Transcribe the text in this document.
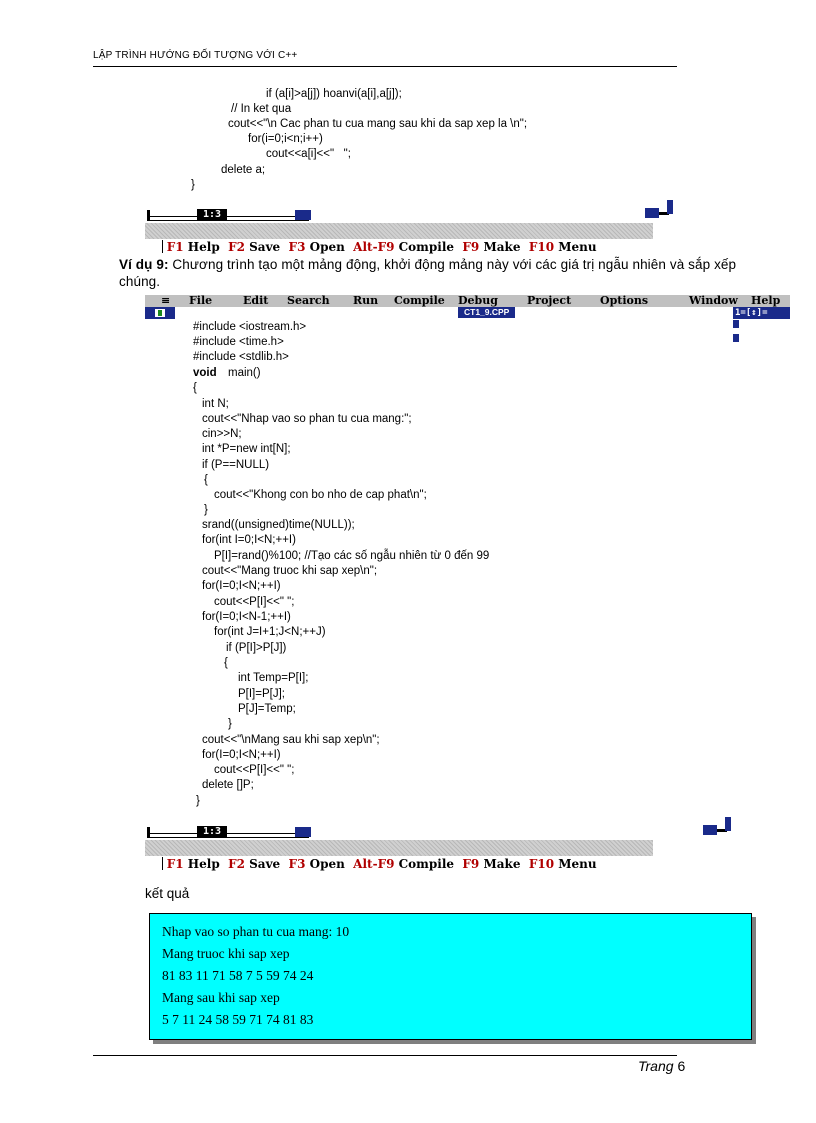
LẬP TRÌNH HƯỚNG ĐỐI TƯỢNG VỚI C++

if (a[i]>a[j]) hoanvi(a[i],a[j]);

// In ket qua

cout<<"\n Cac phan tu cua mang sau khi da sap xep la \n";

for(i=0;i<n;i++)

cout<<a[i]<<"   ";

delete a;

}

1:3

F1 Help F2 Save F3 Open Alt-F9 Compile F9 Make F10 Menu

Ví dụ 9: Chương trình tạo một mảng động, khởi động mảng này với các giá trị ngẫu nhiên và sắp xếp chúng.

≡

File

	Edit

Search

Run

Compile

Debug

	Project

	Options

	Window

Help

CT1_9.CPP	1=[↕]=

#include <iostream.h>

#include <time.h>

#include <stdlib.h>

void

main()

{

int N;

cout<<"Nhap vao so phan tu cua mang:";

cin>>N;

int *P=new int[N];

if (P==NULL)

{

cout<<"Khong con bo nho de cap phat\n";

}

srand((unsigned)time(NULL));

for(int I=0;I<N;++I)

P[I]=rand()%100; //Tạo các số ngẫu nhiên từ 0 đến 99

cout<<"Mang truoc khi sap xep\n";

for(I=0;I<N;++I)

cout<<P[I]<<" ";

for(I=0;I<N-1;++I)

for(int J=I+1;J<N;++J)

if (P[I]>P[J])

{

int Temp=P[I];

P[I]=P[J];

P[J]=Temp;

}

cout<<"\nMang sau khi sap xep\n";

for(I=0;I<N;++I)

cout<<P[I]<<" ";

delete []P;

}

1:3

F1 Help F2 Save F3 Open Alt-F9 Compile F9 Make F10 Menu

kết quả
Nhap vao so phan tu cua mang: 10
Mang truoc khi sap xep
81 83 11 71 58 7 5 59 74 24
Mang sau khi sap xep
5 7 11 24 58 59 71 74 81 83
Trang 6
